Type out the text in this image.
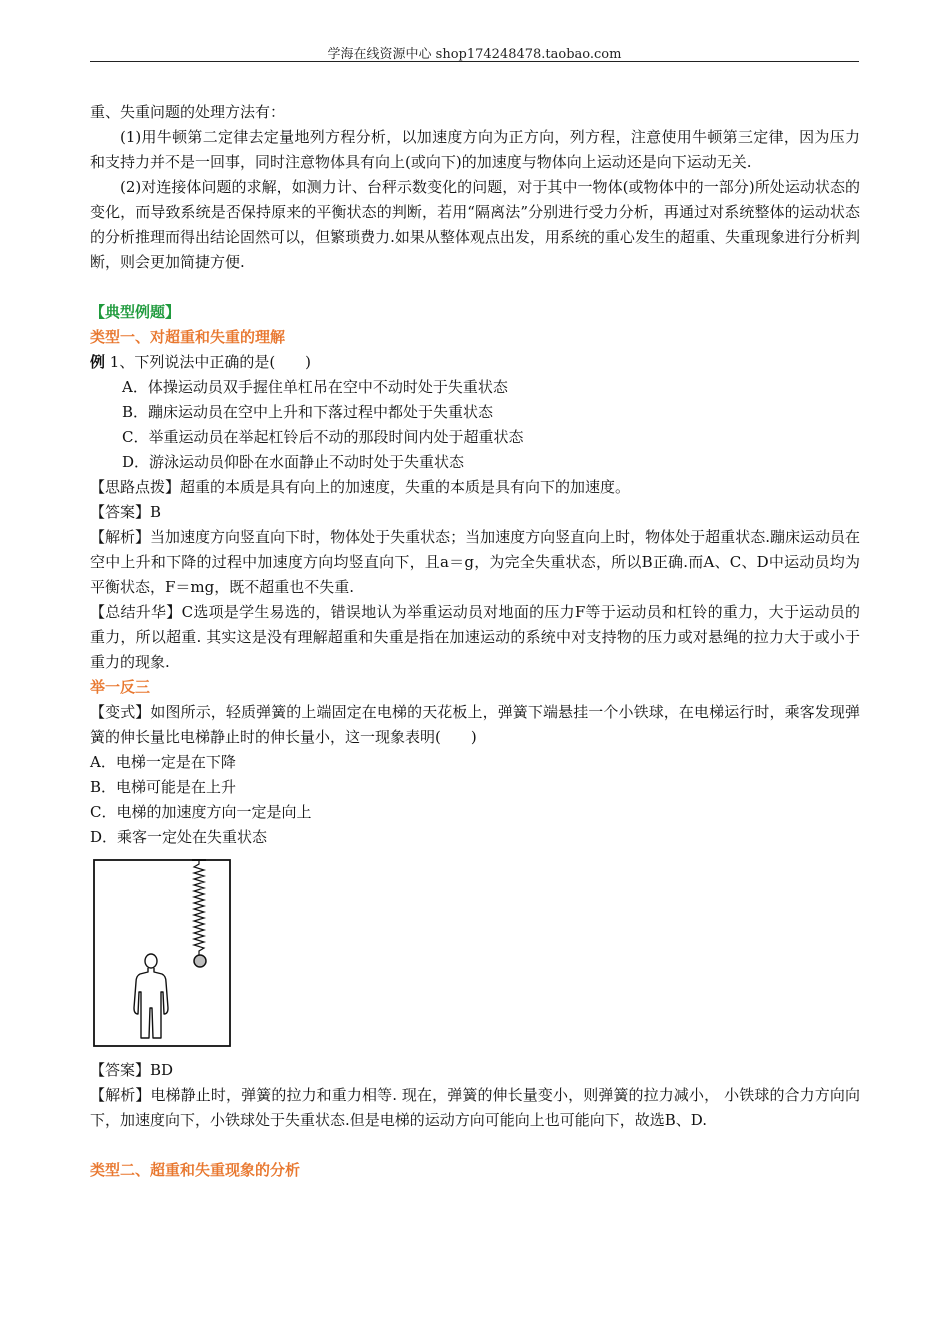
学海在线资源中心 shop174248478.taobao.com

重、失重问题的处理方法有：

(1)用牛顿第二定律去定量地列方程分析，以加速度方向为正方向，列方程，注意使用牛顿第三定律，因为压力和支持力并不是一回事，同时注意物体具有向上(或向下)的加速度与物体向上运动还是向下运动无关.

(2)对连接体问题的求解，如测力计、台秤示数变化的问题，对于其中一物体(或物体中的一部分)所处运动状态的变化，而导致系统是否保持原来的平衡状态的判断，若用“隔离法”分别进行受力分析，再通过对系统整体的运动状态的分析推理而得出结论固然可以，但繁琐费力.如果从整体观点出发，用系统的重心发生的超重、失重现象进行分析判断，则会更加简捷方便.

【典型例题】

类型一、对超重和失重的理解

例 1、下列说法中正确的是(　　)

A．体操运动员双手握住单杠吊在空中不动时处于失重状态

B．蹦床运动员在空中上升和下落过程中都处于失重状态

C．举重运动员在举起杠铃后不动的那段时间内处于超重状态

D．游泳运动员仰卧在水面静止不动时处于失重状态

【思路点拨】超重的本质是具有向上的加速度，失重的本质是具有向下的加速度。

【答案】B

【解析】当加速度方向竖直向下时，物体处于失重状态；当加速度方向竖直向上时，物体处于超重状态.蹦床运动员在空中上升和下降的过程中加速度方向均竖直向下，且a＝g，为完全失重状态，所以B正确.而A、C、D中运动员均为平衡状态，F＝mg，既不超重也不失重.

【总结升华】C选项是学生易选的，错误地认为举重运动员对地面的压力F等于运动员和杠铃的重力，大于运动员的重力，所以超重. 其实这是没有理解超重和失重是指在加速运动的系统中对支持物的压力或对悬绳的拉力大于或小于重力的现象.

举一反三

【变式】如图所示，轻质弹簧的上端固定在电梯的天花板上，弹簧下端悬挂一个小铁球，在电梯运行时，乘客发现弹簧的伸长量比电梯静止时的伸长量小，这一现象表明(　　)

A．电梯一定是在下降

B．电梯可能是在上升

C．电梯的加速度方向一定是向上

D．乘客一定处在失重状态

【答案】BD

【解析】电梯静止时，弹簧的拉力和重力相等. 现在，弹簧的伸长量变小，则弹簧的拉力减小， 小铁球的合力方向向下，加速度向下，小铁球处于失重状态.但是电梯的运动方向可能向上也可能向下，故选B、D.

类型二、超重和失重现象的分析
